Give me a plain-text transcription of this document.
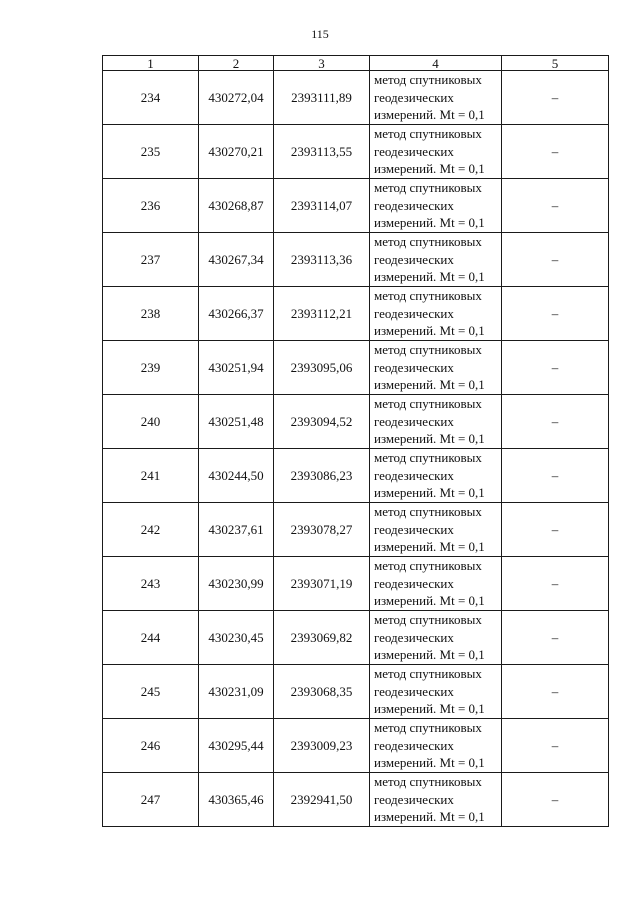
115
1	2	3	4	5
234	430272,04	2393111,89	метод спутниковых
геодезических
измерений. Mt = 0,1	–
235	430270,21	2393113,55	метод спутниковых
геодезических
измерений. Mt = 0,1	–
236	430268,87	2393114,07	метод спутниковых
геодезических
измерений. Mt = 0,1	–
237	430267,34	2393113,36	метод спутниковых
геодезических
измерений. Mt = 0,1	–
238	430266,37	2393112,21	метод спутниковых
геодезических
измерений. Mt = 0,1	–
239	430251,94	2393095,06	метод спутниковых
геодезических
измерений. Mt = 0,1	–
240	430251,48	2393094,52	метод спутниковых
геодезических
измерений. Mt = 0,1	–
241	430244,50	2393086,23	метод спутниковых
геодезических
измерений. Mt = 0,1	–
242	430237,61	2393078,27	метод спутниковых
геодезических
измерений. Mt = 0,1	–
243	430230,99	2393071,19	метод спутниковых
геодезических
измерений. Mt = 0,1	–
244	430230,45	2393069,82	метод спутниковых
геодезических
измерений. Mt = 0,1	–
245	430231,09	2393068,35	метод спутниковых
геодезических
измерений. Mt = 0,1	–
246	430295,44	2393009,23	метод спутниковых
геодезических
измерений. Mt = 0,1	–
247	430365,46	2392941,50	метод спутниковых
геодезических
измерений. Mt = 0,1	–
